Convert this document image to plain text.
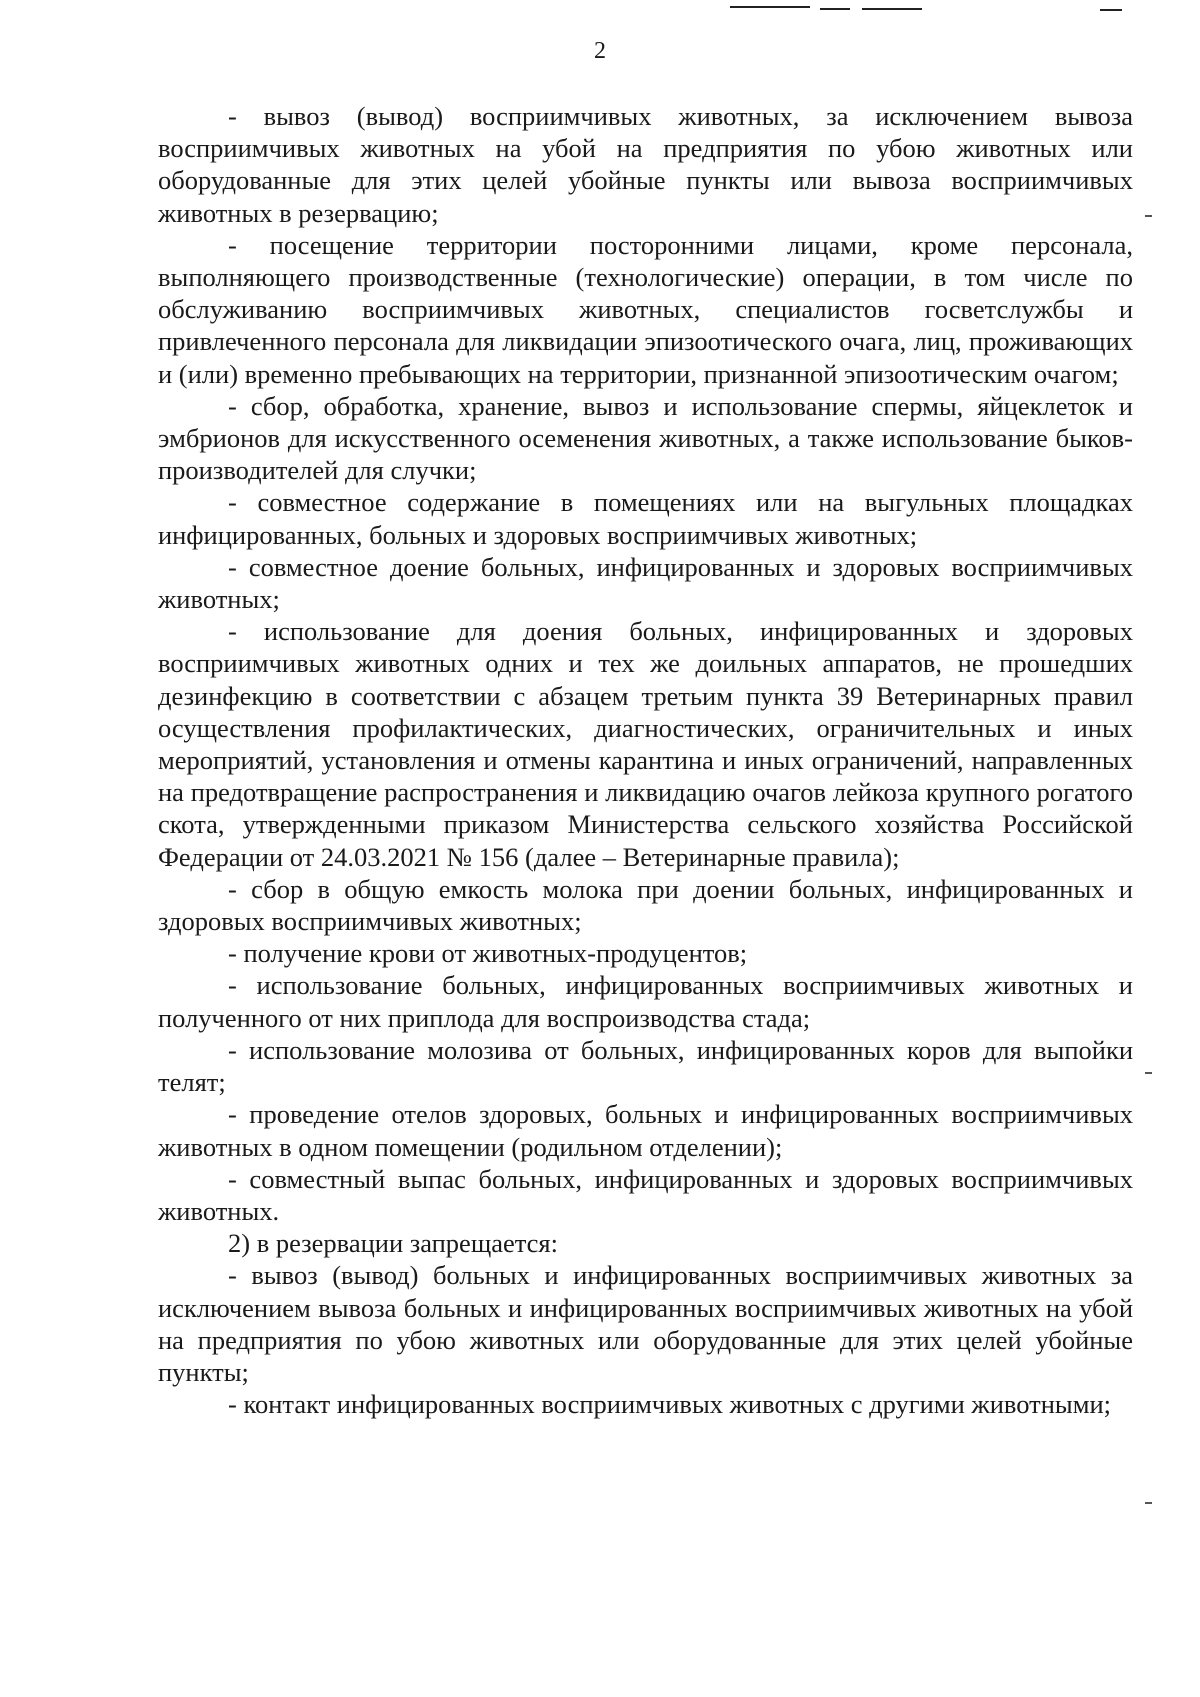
2

- вывоз (вывод) восприимчивых животных, за исключением вывоза восприимчивых животных на убой на предприятия по убою животных или оборудованные для этих целей убойные пункты или вывоза восприимчивых животных в резервацию;

- посещение территории посторонними лицами, кроме персонала, выполняющего производственные (технологические) операции, в том числе по обслуживанию восприимчивых животных, специалистов госветслужбы и привлеченного персонала для ликвидации эпизоотического очага, лиц, проживающих и (или) временно пребывающих на территории, признанной эпизоотическим очагом;

- сбор, обработка, хранение, вывоз и использование спермы, яйцеклеток и эмбрионов для искусственного осеменения животных, а также использование быков-производителей для случки;

- совместное содержание в помещениях или на выгульных площадках инфицированных, больных и здоровых восприимчивых животных;

- совместное доение больных, инфицированных и здоровых восприимчивых животных;

- использование для доения больных, инфицированных и здоровых восприимчивых животных одних и тех же доильных аппаратов, не прошедших дезинфекцию в соответствии с абзацем третьим пункта 39 Ветеринарных правил осуществления профилактических, диагностических, ограничительных и иных мероприятий, установления и отмены карантина и иных ограничений, направленных на предотвращение распространения и ликвидацию очагов лейкоза крупного рогатого скота, утвержденными приказом Министерства сельского хозяйства Российской Федерации от 24.03.2021 № 156 (далее – Ветеринарные правила);

- сбор в общую емкость молока при доении больных, инфицированных и здоровых восприимчивых животных;

- получение крови от животных-продуцентов;

- использование больных, инфицированных восприимчивых животных и полученного от них приплода для воспроизводства стада;

- использование молозива от больных, инфицированных коров для выпойки телят;

- проведение отелов здоровых, больных и инфицированных восприимчивых животных в одном помещении (родильном отделении);

- совместный выпас больных, инфицированных и здоровых восприимчивых животных.

2) в резервации запрещается:

- вывоз (вывод) больных и инфицированных восприимчивых животных за исключением вывоза больных и инфицированных восприимчивых животных на убой на предприятия по убою животных или оборудованные для этих целей убойные пункты;

- контакт инфицированных восприимчивых животных с другими животными;
